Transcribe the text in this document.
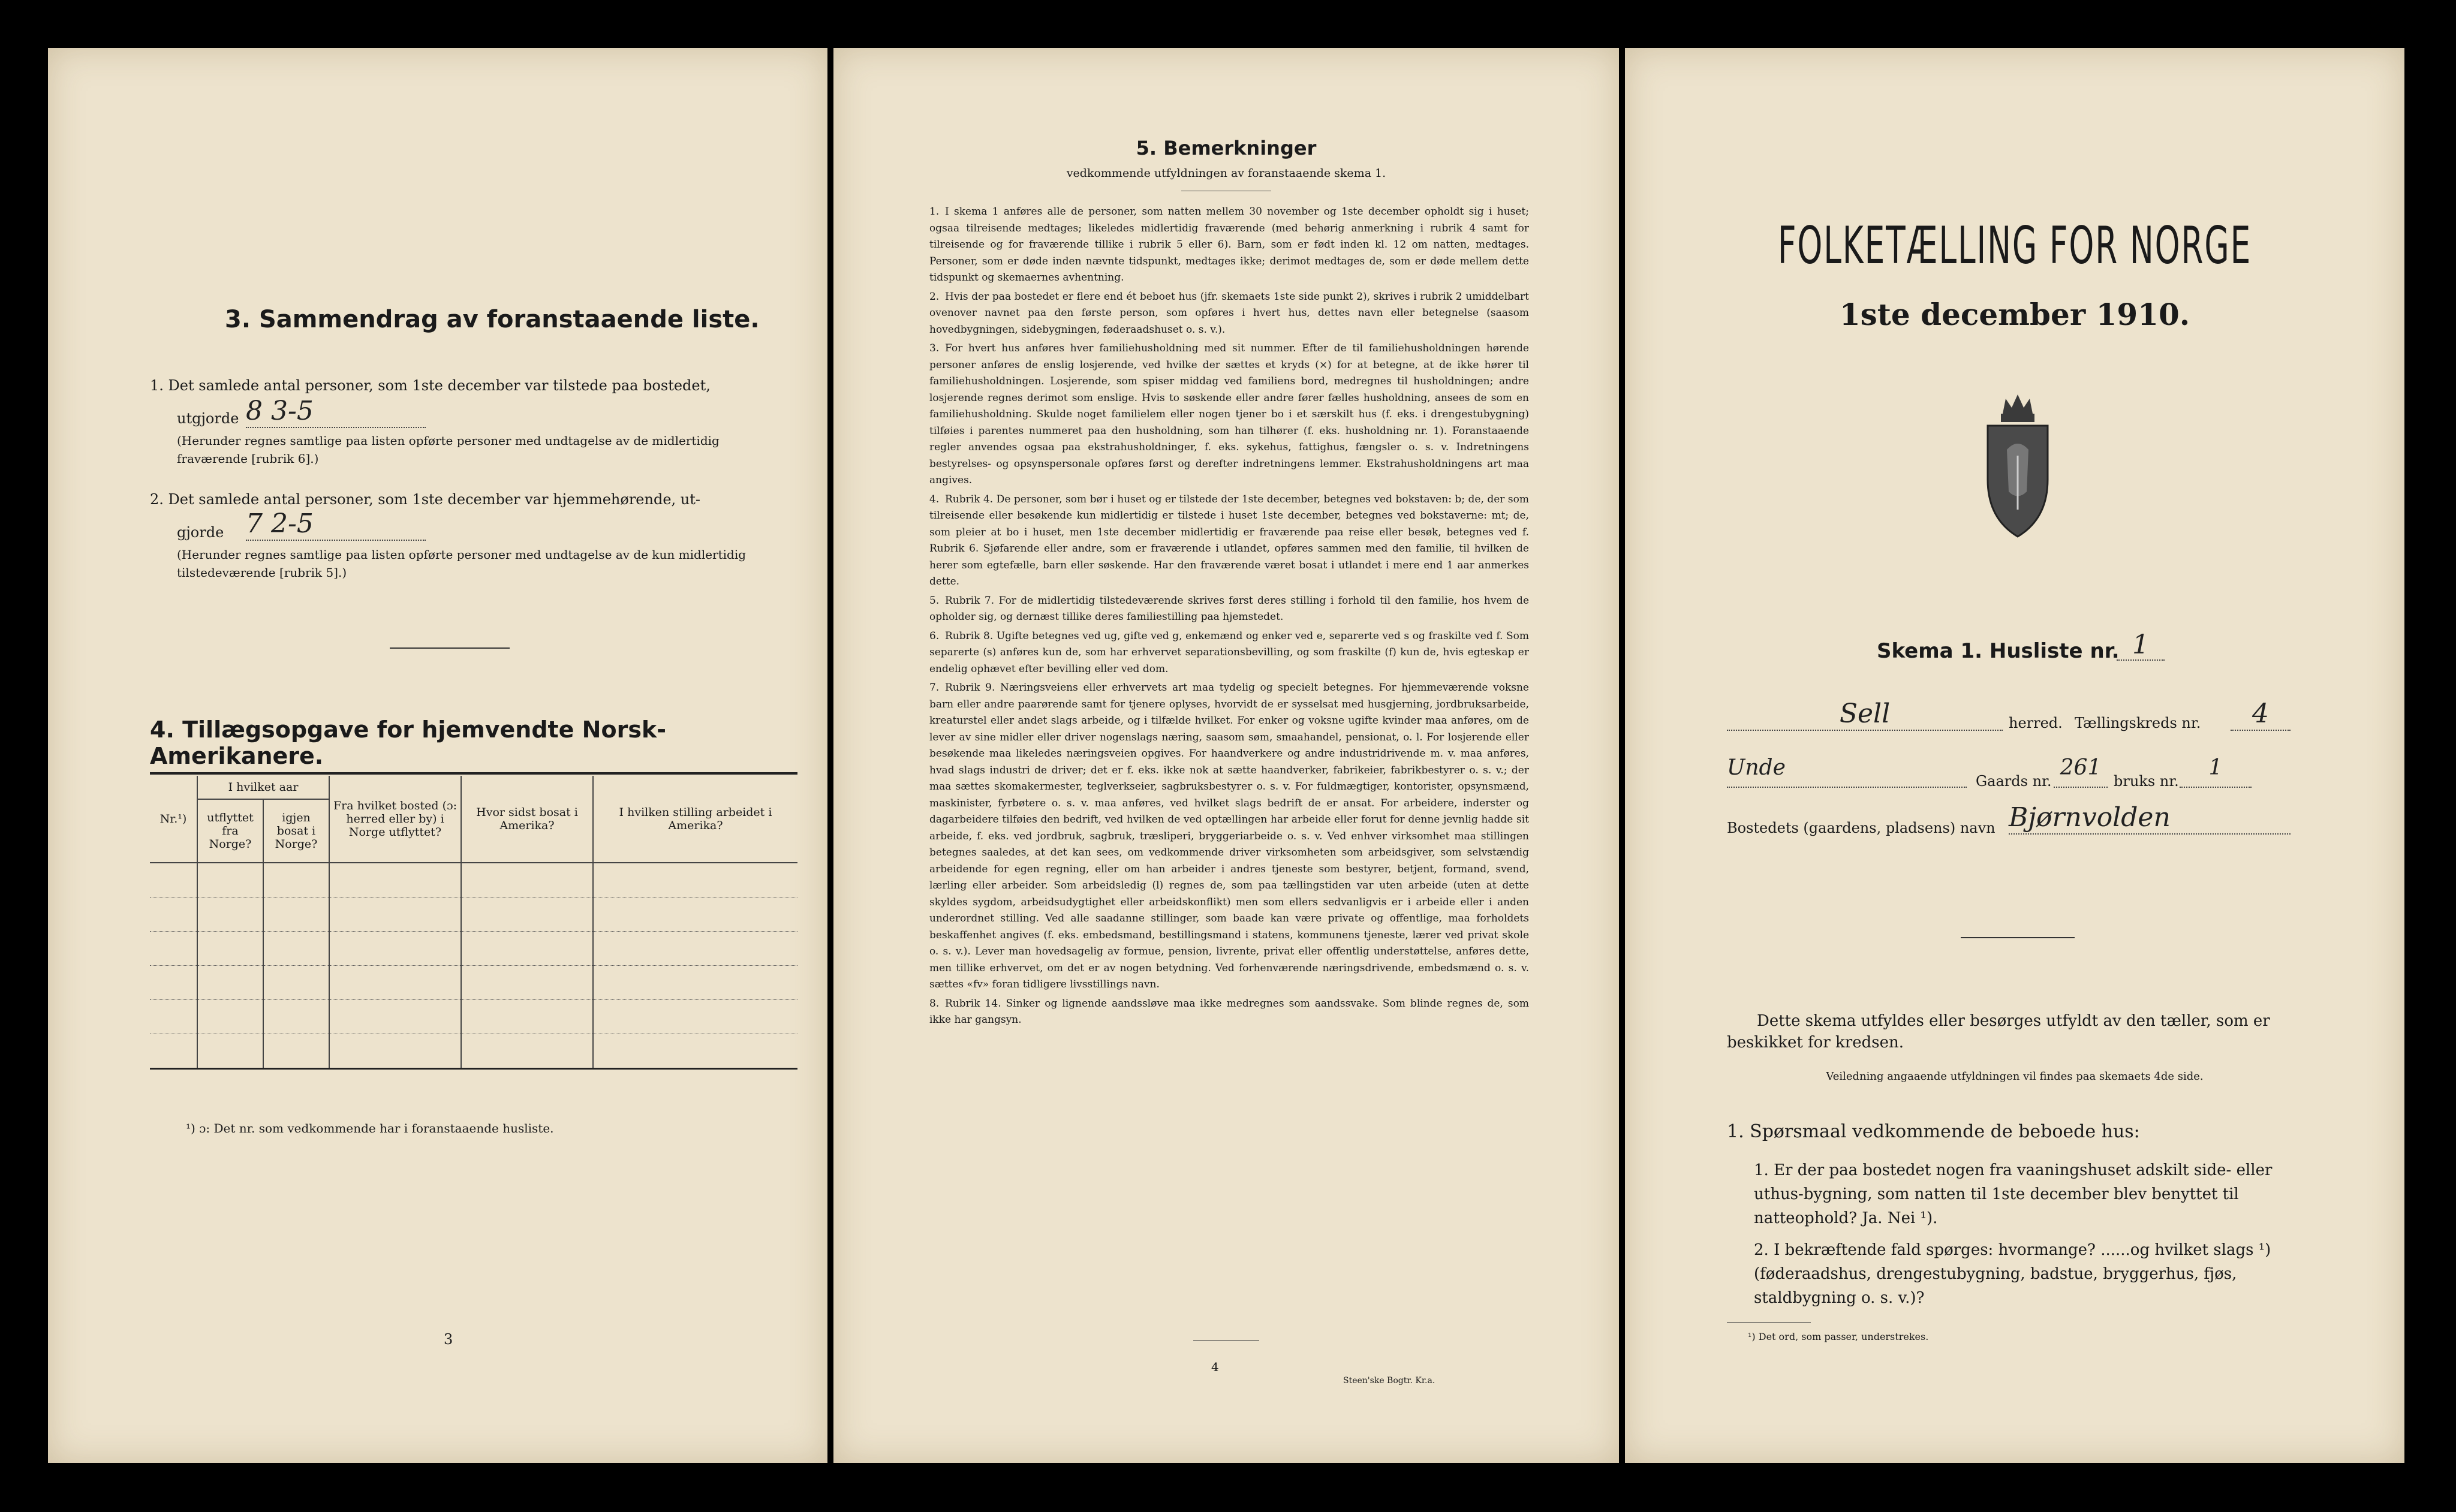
3. Sammendrag av foranstaaende liste.
1. Det samlede antal personer, som 1ste december var tilstede paa bostedet,
utgjorde 8 3-5
(Herunder regnes samtlige paa listen opførte personer med undtagelse av de midlertidig fraværende [rubrik 6].)
2. Det samlede antal personer, som 1ste december var hjemmehørende, ut-
gjorde 7 2-5
(Herunder regnes samtlige paa listen opførte personer med undtagelse av de kun midlertidig tilstedeværende [rubrik 5].)
4. Tillægsopgave for hjemvendte Norsk-Amerikanere.
Nr.¹)	I hvilket aar		Fra hvilket bosted (ɔ: herred eller by) i Norge utflyttet?	Hvor sidst bosat i Amerika?	I hvilken stilling arbeidet i Amerika?
	utflyttet fra Norge?	igjen bosat i Norge?			

¹) ɔ: Det nr. som vedkommende har i foranstaaende husliste.
3
5. Bemerkninger
vedkommende utfyldningen av foranstaaende skema 1.

1. I skema 1 anføres alle de personer, som natten mellem 30 november og 1ste december opholdt sig i huset; ogsaa tilreisende medtages; likeledes midlertidig fraværende (med behørig anmerkning i rubrik 4 samt for tilreisende og for fraværende tillike i rubrik 5 eller 6). Barn, som er født inden kl. 12 om natten, medtages. Personer, som er døde inden nævnte tidspunkt, medtages ikke; derimot medtages de, som er døde mellem dette tidspunkt og skemaernes avhentning.

2. Hvis der paa bostedet er flere end ét beboet hus (jfr. skemaets 1ste side punkt 2), skrives i rubrik 2 umiddelbart ovenover navnet paa den første person, som opføres i hvert hus, dettes navn eller betegnelse (saasom hovedbygningen, sidebygningen, føderaadshuset o. s. v.).

3. For hvert hus anføres hver familiehusholdning med sit nummer. Efter de til familiehusholdningen hørende personer anføres de enslig losjerende, ved hvilke der sættes et kryds (×) for at betegne, at de ikke hører til familiehusholdningen. Losjerende, som spiser middag ved familiens bord, medregnes til husholdningen; andre losjerende regnes derimot som enslige. Hvis to søskende eller andre fører fælles husholdning, ansees de som en familiehusholdning. Skulde noget familielem eller nogen tjener bo i et særskilt hus (f. eks. i drengestubygning) tilføies i parentes nummeret paa den husholdning, som han tilhører (f. eks. husholdning nr. 1). Foranstaaende regler anvendes ogsaa paa ekstrahusholdninger, f. eks. sykehus, fattighus, fængsler o. s. v. Indretningens bestyrelses- og opsynspersonale opføres først og derefter indretningens lemmer. Ekstrahusholdningens art maa angives.

4. Rubrik 4. De personer, som bør i huset og er tilstede der 1ste december, betegnes ved bokstaven: b; de, der som tilreisende eller besøkende kun midlertidig er tilstede i huset 1ste december, betegnes ved bokstaverne: mt; de, som pleier at bo i huset, men 1ste december midlertidig er fraværende paa reise eller besøk, betegnes ved f. Rubrik 6. Sjøfarende eller andre, som er fraværende i utlandet, opføres sammen med den familie, til hvilken de herer som egtefælle, barn eller søskende. Har den fraværende været bosat i utlandet i mere end 1 aar anmerkes dette.

5. Rubrik 7. For de midlertidig tilstedeværende skrives først deres stilling i forhold til den familie, hos hvem de opholder sig, og dernæst tillike deres familiestilling paa hjemstedet.

6. Rubrik 8. Ugifte betegnes ved ug, gifte ved g, enkemænd og enker ved e, separerte ved s og fraskilte ved f. Som separerte (s) anføres kun de, som har erhvervet separationsbevilling, og som fraskilte (f) kun de, hvis egteskap er endelig ophævet efter bevilling eller ved dom.

7. Rubrik 9. Næringsveiens eller erhvervets art maa tydelig og specielt betegnes. For hjemmeværende voksne barn eller andre paarørende samt for tjenere oplyses, hvorvidt de er sysselsat med husgjerning, jordbruksarbeide, kreaturstel eller andet slags arbeide, og i tilfælde hvilket. For enker og voksne ugifte kvinder maa anføres, om de lever av sine midler eller driver nogenslags næring, saasom søm, smaahandel, pensionat, o. l. For losjerende eller besøkende maa likeledes næringsveien opgives. For haandverkere og andre industridrivende m. v. maa anføres, hvad slags industri de driver; det er f. eks. ikke nok at sætte haandverker, fabrikeier, fabrikbestyrer o. s. v.; der maa sættes skomakermester, teglverkseier, sagbruksbestyrer o. s. v. For fuldmægtiger, kontorister, opsynsmænd, maskinister, fyrbøtere o. s. v. maa anføres, ved hvilket slags bedrift de er ansat. For arbeidere, inderster og dagarbeidere tilføies den bedrift, ved hvilken de ved optællingen har arbeide eller forut for denne jevnlig hadde sit arbeide, f. eks. ved jordbruk, sagbruk, træsliperi, bryggeriarbeide o. s. v. Ved enhver virksomhet maa stillingen betegnes saaledes, at det kan sees, om vedkommende driver virksomheten som arbeidsgiver, som selvstændig arbeidende for egen regning, eller om han arbeider i andres tjeneste som bestyrer, betjent, formand, svend, lærling eller arbeider. Som arbeidsledig (l) regnes de, som paa tællingstiden var uten arbeide (uten at dette skyldes sygdom, arbeidsudygtighet eller arbeidskonflikt) men som ellers sedvanligvis er i arbeide eller i anden underordnet stilling. Ved alle saadanne stillinger, som baade kan være private og offentlige, maa forholdets beskaffenhet angives (f. eks. embedsmand, bestillingsmand i statens, kommunens tjeneste, lærer ved privat skole o. s. v.). Lever man hovedsagelig av formue, pension, livrente, privat eller offentlig understøttelse, anføres dette, men tillike erhvervet, om det er av nogen betydning. Ved forhenværende næringsdrivende, embedsmænd o. s. v. sættes «fv» foran tidligere livsstillings navn.

8. Rubrik 14. Sinker og lignende aandssløve maa ikke medregnes som aandssvake. Som blinde regnes de, som ikke har gangsyn.

4
Steen'ske Bogtr. Kr.a.
FOLKETÆLLING FOR NORGE
1ste december 1910.
Skema 1. Husliste nr. 1
Sell	herred. Tællingskreds nr.	4
Unde
Gaards nr.
261
bruks nr.
1
Bostedets (gaardens, pladsens) navn Bjørnvolden
Dette skema utfyldes eller besørges utfyldt av den tæller, som er beskikket for kredsen.
Veiledning angaaende utfyldningen vil findes paa skemaets 4de side.
1. Spørsmaal vedkommende de beboede hus:
1. Er der paa bostedet nogen fra vaaningshuset adskilt side- eller uthus-bygning, som natten til 1ste december blev benyttet til natteophold? Ja. Nei ¹).
2. I bekræftende fald spørges: hvormange? ......og hvilket slags ¹) (føderaadshus, drengestubygning, badstue, bryggerhus, fjøs, staldbygning o. s. v.)?
¹) Det ord, som passer, understrekes.
